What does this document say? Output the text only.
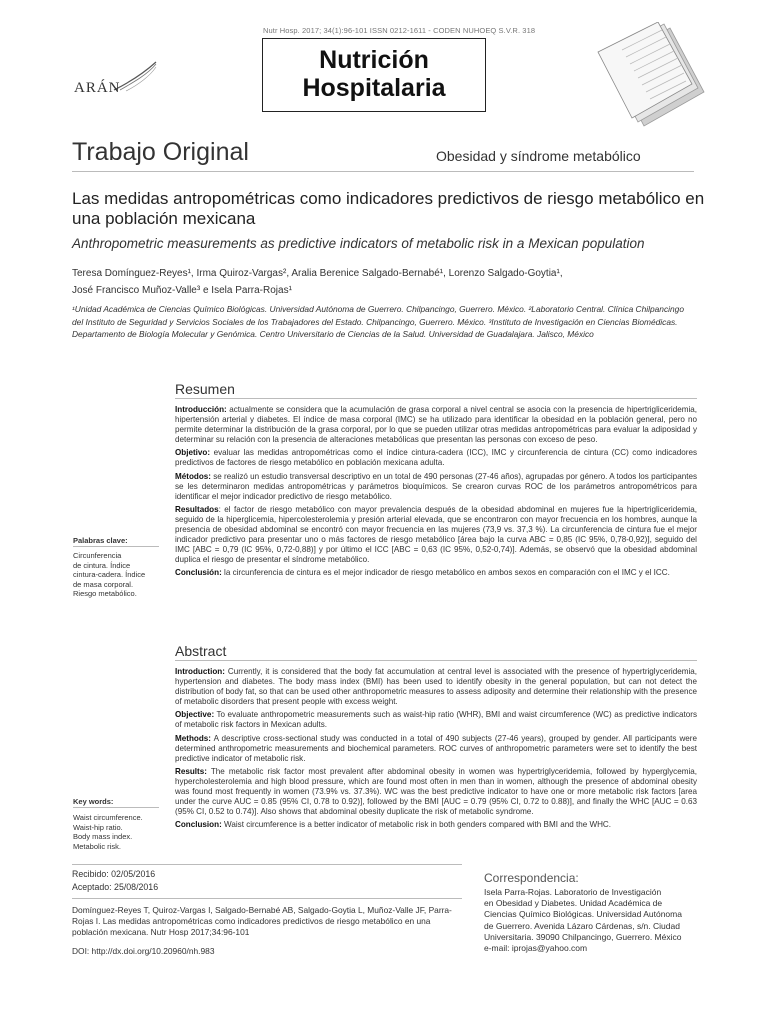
Nutr Hosp. 2017; 34(1):96-101 ISSN 0212-1611 - CODEN NUHOEQ S.V.R. 318
ARÁN
Nutrición
Hospitalaria
Trabajo Original	Obesidad y síndrome metabólico
Las medidas antropométricas como indicadores predictivos de riesgo metabólico en una población mexicana
Anthropometric measurements as predictive indicators of metabolic risk in a Mexican population
Teresa Domínguez-Reyes¹, Irma Quiroz-Vargas², Aralia Berenice Salgado-Bernabé¹, Lorenzo Salgado-Goytia¹,
José Francisco Muñoz-Valle³ e Isela Parra-Rojas¹
¹Unidad Académica de Ciencias Químico Biológicas. Universidad Autónoma de Guerrero. Chilpancingo, Guerrero. México. ²Laboratorio Central. Clínica Chilpancingo del Instituto de Seguridad y Servicios Sociales de los Trabajadores del Estado. Chilpancingo, Guerrero. México. ³Instituto de Investigación en Ciencias Biomédicas. Departamento de Biología Molecular y Genómica. Centro Universitario de Ciencias de la Salud. Universidad de Guadalajara. Jalisco, México
Resumen

Introducción: actualmente se considera que la acumulación de grasa corporal a nivel central se asocia con la presencia de hipertrigliceridemia, hipertensión arterial y diabetes. El índice de masa corporal (IMC) se ha utilizado para identificar la obesidad en la población general, pero no permite determinar la distribución de la grasa corporal, por lo que se pueden utilizar otras medidas antropométricas para evaluar la adiposidad y determinar su relación con la presencia de alteraciones metabólicas que presentan las personas con exceso de peso.

Objetivo: evaluar las medidas antropométricas como el índice cintura-cadera (ICC), IMC y circunferencia de cintura (CC) como indicadores predictivos de factores de riesgo metabólico en población mexicana adulta.

Métodos: se realizó un estudio transversal descriptivo en un total de 490 personas (27-46 años), agrupadas por género. A todos los participantes se les determinaron medidas antropométricas y parámetros bioquímicos. Se crearon curvas ROC de los parámetros antropométricos para identificar el mejor indicador predictivo de riesgo metabólico.

Resultados: el factor de riesgo metabólico con mayor prevalencia después de la obesidad abdominal en mujeres fue la hipertrigliceridemia, seguido de la hiperglicemia, hipercolesterolemia y presión arterial elevada, que se encontraron con mayor frecuencia en los hombres, aunque la presencia de obesidad abdominal se encontró con mayor frecuencia en las mujeres (73,9 vs. 37,3 %). La circunferencia de cintura fue el mejor indicador predictivo para presentar uno o más factores de riesgo metabólico [área bajo la curva ABC = 0,85 (IC 95%, 0,78-0,92)], seguido del IMC [ABC = 0,79 (IC 95%, 0,72-0,88)] y por último el ICC [ABC = 0,63 (IC 95%, 0,52-0,74)]. Además, se observó que la obesidad abdominal duplica el riesgo de presentar el síndrome metabólico.

Conclusión: la circunferencia de cintura es el mejor indicador de riesgo metabólico en ambos sexos en comparación con el IMC y el ICC.

Palabras clave:
Circunferencia
de cintura. Índice
cintura-cadera. Índice
de masa corporal.
Riesgo metabólico.
Abstract

Introduction: Currently, it is considered that the body fat accumulation at central level is associated with the presence of hypertriglyceridemia, hypertension and diabetes. The body mass index (BMI) has been used to identify obesity in the general population, but can not detect the distribution of body fat, so that can be used other anthropometric measures to assess adiposity and determine their relationship with the presence of metabolic disorders that present people with excess weight.

Objective: To evaluate anthropometric measurements such as waist-hip ratio (WHR), BMI and waist circumference (WC) as predictive indicators of metabolic risk factors in Mexican adults.

Methods: A descriptive cross-sectional study was conducted in a total of 490 subjects (27-46 years), grouped by gender. All participants were determined anthropometric measurements and biochemical parameters. ROC curves of anthropometric parameters were set to identify the best predictive indicator of metabolic risk.

Results: The metabolic risk factor most prevalent after abdominal obesity in women was hypertriglyceridemia, followed by hyperglycemia, hypercholesterolemia and high blood pressure, which are found most often in men than in women, although the presence of abdominal obesity was found most frequently in women (73.9% vs. 37.3%). WC was the best predictive indicator to have one or more metabolic risk factors [area under the curve AUC = 0.85 (95% CI, 0.78 to 0.92)], followed by the BMI [AUC = 0.79 (95% CI, 0.72 to 0.88)], and finally the WHC [AUC = 0.63 (95% CI, 0.52 to 0.74)]. Also shows that abdominal obesity duplicate the risk of metabolic syndrome.

Conclusion: Waist circumference is a better indicator of metabolic risk in both genders compared with BMI and the WHC.

Key words:
Waist circumference.
Waist-hip ratio.
Body mass index.
Metabolic risk.
Recibido: 02/05/2016
Aceptado: 25/08/2016
Domínguez-Reyes T, Quiroz-Vargas I, Salgado-Bernabé AB, Salgado-Goytia L, Muñoz-Valle JF, Parra-Rojas I. Las medidas antropométricas como indicadores predictivos de riesgo metabólico en una población mexicana. Nutr Hosp 2017;34:96-101
DOI: http://dx.doi.org/10.20960/nh.983
Correspondencia:
Isela Parra-Rojas. Laboratorio de Investigación
en Obesidad y Diabetes. Unidad Académica de
Ciencias Químico Biológicas. Universidad Autónoma
de Guerrero. Avenida Lázaro Cárdenas, s/n. Ciudad
Universitaria. 39090 Chilpancingo, Guerrero. México
e-mail: iprojas@yahoo.com
